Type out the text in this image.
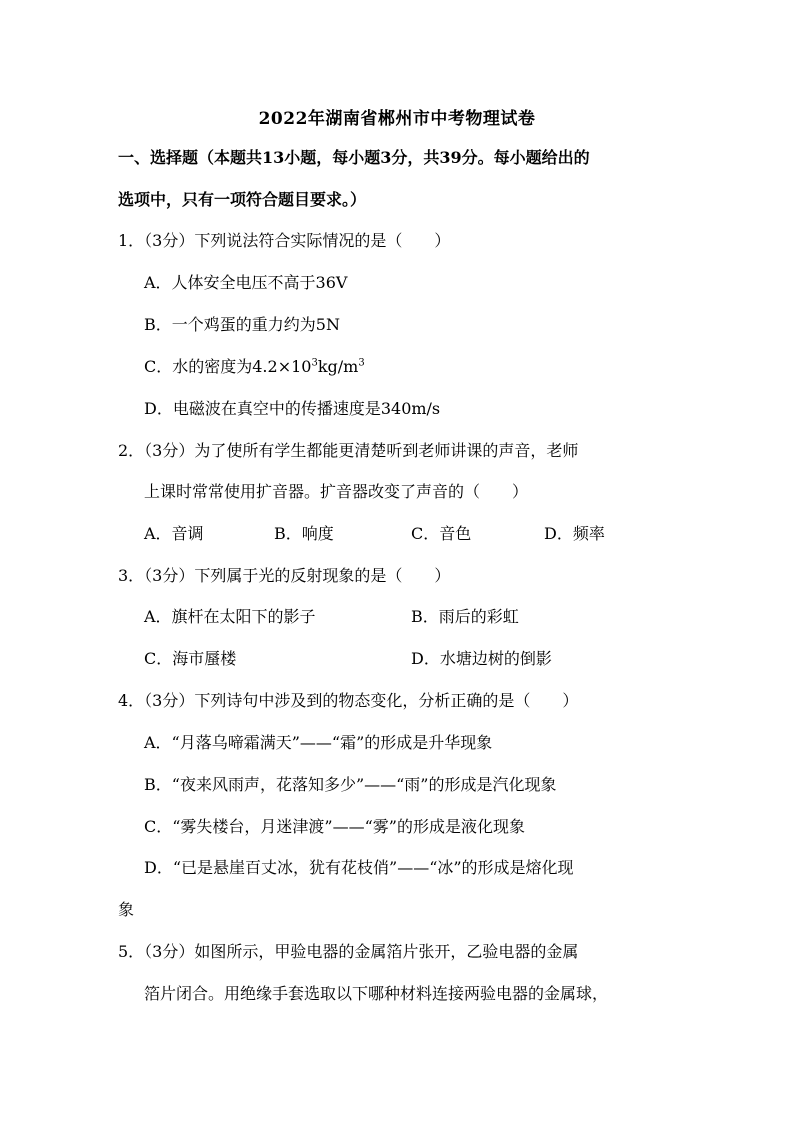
2022年湖南省郴州市中考物理试卷
一、选择题（本题共13小题，每小题3分，共39分。每小题给出的
选项中，只有一项符合题目要求。）
1．（3分）下列说法符合实际情况的是（　　）
A．人体安全电压不高于36V
B．一个鸡蛋的重力约为5N
C．水的密度为$4.2\times 10^3kg/m^3$
D．电磁波在真空中的传播速度是340m/s
2．（3分）为了使所有学生都能更清楚听到老师讲课的声音，老师
上课时常常使用扩音器。扩音器改变了声音的（　　）
A．音调	B．响度	C．音色	D．频率
3．（3分）下列属于光的反射现象的是（　　）
A．旗杆在太阳下的影子	B．雨后的彩虹
C．海市蜃楼	D．水塘边树的倒影
4．（3分）下列诗句中涉及到的物态变化，分析正确的是（　　）
A．“月落乌啼霜满天”——“霜”的形成是升华现象
B．“夜来风雨声，花落知多少”——“雨”的形成是汽化现象
C．“雾失楼台，月迷津渡”——“雾”的形成是液化现象
D．“已是悬崖百丈冰，犹有花枝俏”——“冰”的形成是熔化现
象
5．（3分）如图所示，甲验电器的金属箔片张开，乙验电器的金属
箔片闭合。用绝缘手套选取以下哪种材料连接两验电器的金属球，
